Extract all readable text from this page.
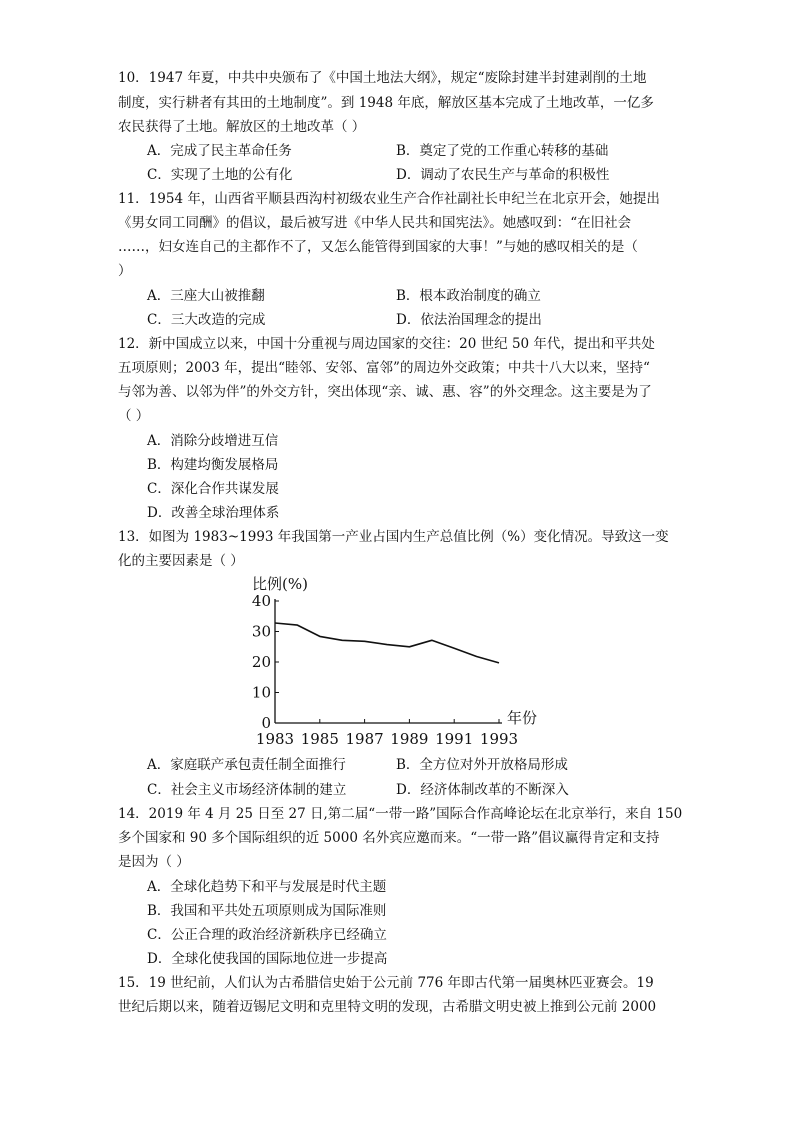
10．1947 年夏，中共中央颁布了《中国土地法大纲》，规定“废除封建半封建剥削的土地
制度，实行耕者有其田的土地制度”。到 1948 年底，解放区基本完成了土地改革，一亿多
农民获得了土地。解放区的土地改革（ ）
A．完成了民主革命任务	B．奠定了党的工作重心转移的基础
C．实现了土地的公有化	D．调动了农民生产与革命的积极性
11．1954 年，山西省平顺县西沟村初级农业生产合作社副社长申纪兰在北京开会，她提出
《男女同工同酬》的倡议，最后被写进《中华人民共和国宪法》。她感叹到：“在旧社会
……，妇女连自己的主都作不了，又怎么能管得到国家的大事！”与她的感叹相关的是（
）
A．三座大山被推翻	B．根本政治制度的确立
C．三大改造的完成	D．依法治国理念的提出
12．新中国成立以来，中国十分重视与周边国家的交往：20 世纪 50 年代，提出和平共处
五项原则；2003 年，提出“睦邻、安邻、富邻”的周边外交政策；中共十八大以来，坚持“
与邻为善、以邻为伴”的外交方针，突出体现“亲、诚、惠、容”的外交理念。这主要是为了
（ ）
A．消除分歧增进互信
B．构建均衡发展格局
C．深化合作共谋发展
D．改善全球治理体系
13．如图为 1983~1993 年我国第一产业占国内生产总值比例（%）变化情况。导致这一变
化的主要因素是（ ）
比例(%)
年份
0
10
20
30
40
1983 1985 1987 1989 1991 1993
A．家庭联产承包责任制全面推行	B．全方位对外开放格局形成
C．社会主义市场经济体制的建立	D．经济体制改革的不断深入
14．2019 年 4 月 25 日至 27 日,第二届“一带一路”国际合作高峰论坛在北京举行，来自 150
多个国家和 90 多个国际组织的近 5000 名外宾应邀而来。“一带一路”倡议赢得肯定和支持
是因为（ ）
A．全球化趋势下和平与发展是时代主题
B．我国和平共处五项原则成为国际准则
C．公正合理的政治经济新秩序已经确立
D．全球化使我国的国际地位进一步提高
15．19 世纪前，人们认为古希腊信史始于公元前 776 年即古代第一届奥林匹亚赛会。19
世纪后期以来，随着迈锡尼文明和克里特文明的发现，古希腊文明史被上推到公元前 2000
